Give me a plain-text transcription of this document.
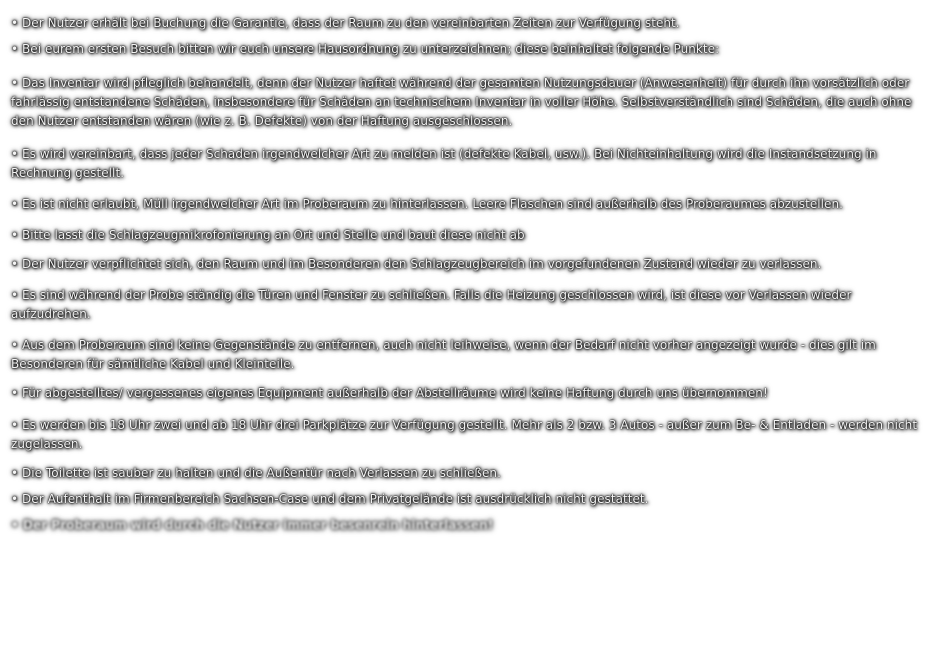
• Der Nutzer erhält bei Buchung die Garantie, dass der Raum zu den vereinbarten Zeiten zur Verfügung steht.

• Bei eurem ersten Besuch bitten wir euch unsere Hausordnung zu unterzeichnen; diese beinhaltet folgende Punkte:

• Das Inventar wird pfleglich behandelt, denn der Nutzer haftet während der gesamten Nutzungsdauer (Anwesenheit) für durch ihn vorsätzlich oder fahrlässig entstandene Schäden, insbesondere für Schäden an technischem Inventar in voller Höhe. Selbstverständlich sind Schäden, die auch ohne den Nutzer entstanden wären (wie z. B. Defekte) von der Haftung ausgeschlossen.

• Es wird vereinbart, dass jeder Schaden irgendwelcher Art zu melden ist (defekte Kabel, usw.). Bei Nichteinhaltung wird die Instandsetzung in Rechnung gestellt.

• Es ist nicht erlaubt, Müll irgendwelcher Art im Proberaum zu hinterlassen. Leere Flaschen sind außerhalb des Proberaumes abzustellen.

• Bitte lasst die Schlagzeugmikrofonierung an Ort und Stelle und baut diese nicht ab

• Der Nutzer verpflichtet sich, den Raum und im Besonderen den Schlagzeugbereich im vorgefundenen Zustand wieder zu verlassen.

• Es sind während der Probe ständig die Türen und Fenster zu schließen. Falls die Heizung geschlossen wird, ist diese vor Verlassen wieder aufzudrehen.

• Aus dem Proberaum sind keine Gegenstände zu entfernen, auch nicht leihweise, wenn der Bedarf nicht vorher angezeigt wurde - dies gilt im Besonderen für sämtliche Kabel und Kleinteile.

• Für abgestelltes/ vergessenes eigenes Equipment außerhalb der Abstellräume wird keine Haftung durch uns übernommen!

• Es werden bis 18 Uhr zwei und ab 18 Uhr drei Parkplätze zur Verfügung gestellt. Mehr als 2 bzw. 3 Autos - außer zum Be- & Entladen - werden nicht zugelassen.

• Die Toilette ist sauber zu halten und die Außentür nach Verlassen zu schließen.

• Der Aufenthalt im Firmenbereich Sachsen-Case und dem Privatgelände ist ausdrücklich nicht gestattet.

• Der Proberaum wird durch die Nutzer immer besenrein hinterlassen!
